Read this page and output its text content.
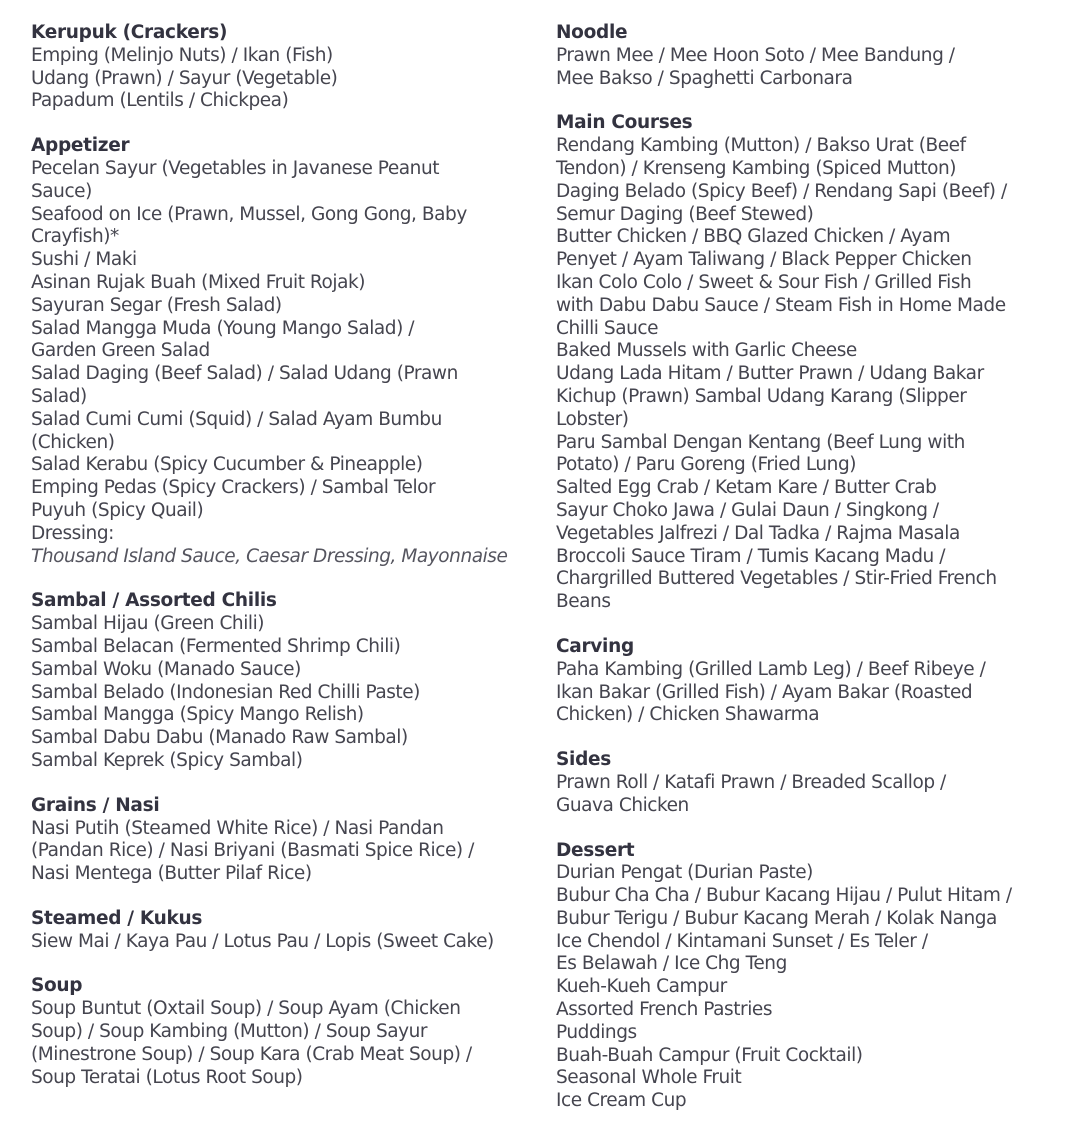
Kerupuk (Crackers)
Emping (Melinjo Nuts) / Ikan (Fish)
Udang (Prawn) / Sayur (Vegetable)
Papadum (Lentils / Chickpea)
Appetizer
Pecelan Sayur (Vegetables in Javanese Peanut
Sauce)
Seafood on Ice (Prawn, Mussel, Gong Gong, Baby
Crayfish)*
Sushi / Maki
Asinan Rujak Buah (Mixed Fruit Rojak)
Sayuran Segar (Fresh Salad)
Salad Mangga Muda (Young Mango Salad) /
Garden Green Salad
Salad Daging (Beef Salad) / Salad Udang (Prawn
Salad)
Salad Cumi Cumi (Squid) / Salad Ayam Bumbu
(Chicken)
Salad Kerabu (Spicy Cucumber & Pineapple)
Emping Pedas (Spicy Crackers) / Sambal Telor
Puyuh (Spicy Quail)
Dressing:
Thousand Island Sauce, Caesar Dressing, Mayonnaise
Sambal / Assorted Chilis
Sambal Hijau (Green Chili)
Sambal Belacan (Fermented Shrimp Chili)
Sambal Woku (Manado Sauce)
Sambal Belado (Indonesian Red Chilli Paste)
Sambal Mangga (Spicy Mango Relish)
Sambal Dabu Dabu (Manado Raw Sambal)
Sambal Keprek (Spicy Sambal)
Grains / Nasi
Nasi Putih (Steamed White Rice) / Nasi Pandan
(Pandan Rice) / Nasi Briyani (Basmati Spice Rice) /
Nasi Mentega (Butter Pilaf Rice)
Steamed / Kukus
Siew Mai / Kaya Pau / Lotus Pau / Lopis (Sweet Cake)
Soup
Soup Buntut (Oxtail Soup) / Soup Ayam (Chicken
Soup) / Soup Kambing (Mutton) / Soup Sayur
(Minestrone Soup) / Soup Kara (Crab Meat Soup) /
Soup Teratai (Lotus Root Soup)
Noodle
Prawn Mee / Mee Hoon Soto / Mee Bandung /
Mee Bakso / Spaghetti Carbonara
Main Courses
Rendang Kambing (Mutton) / Bakso Urat (Beef
Tendon) / Krenseng Kambing (Spiced Mutton)
Daging Belado (Spicy Beef) / Rendang Sapi (Beef) /
Semur Daging (Beef Stewed)
Butter Chicken / BBQ Glazed Chicken / Ayam
Penyet / Ayam Taliwang / Black Pepper Chicken
Ikan Colo Colo / Sweet & Sour Fish / Grilled Fish
with Dabu Dabu Sauce / Steam Fish in Home Made
Chilli Sauce
Baked Mussels with Garlic Cheese
Udang Lada Hitam / Butter Prawn / Udang Bakar
Kichup (Prawn) Sambal Udang Karang (Slipper
Lobster)
Paru Sambal Dengan Kentang (Beef Lung with
Potato) / Paru Goreng (Fried Lung)
Salted Egg Crab / Ketam Kare / Butter Crab
Sayur Choko Jawa / Gulai Daun / Singkong /
Vegetables Jalfrezi / Dal Tadka / Rajma Masala
Broccoli Sauce Tiram / Tumis Kacang Madu /
Chargrilled Buttered Vegetables / Stir-Fried French
Beans
Carving
Paha Kambing (Grilled Lamb Leg) / Beef Ribeye /
Ikan Bakar (Grilled Fish) / Ayam Bakar (Roasted
Chicken) / Chicken Shawarma
Sides
Prawn Roll / Katafi Prawn / Breaded Scallop /
Guava Chicken
Dessert
Durian Pengat (Durian Paste)
Bubur Cha Cha / Bubur Kacang Hijau / Pulut Hitam /
Bubur Terigu / Bubur Kacang Merah / Kolak Nanga
Ice Chendol / Kintamani Sunset / Es Teler /
Es Belawah / Ice Chg Teng
Kueh-Kueh Campur
Assorted French Pastries
Puddings
Buah-Buah Campur (Fruit Cocktail)
Seasonal Whole Fruit
Ice Cream Cup
